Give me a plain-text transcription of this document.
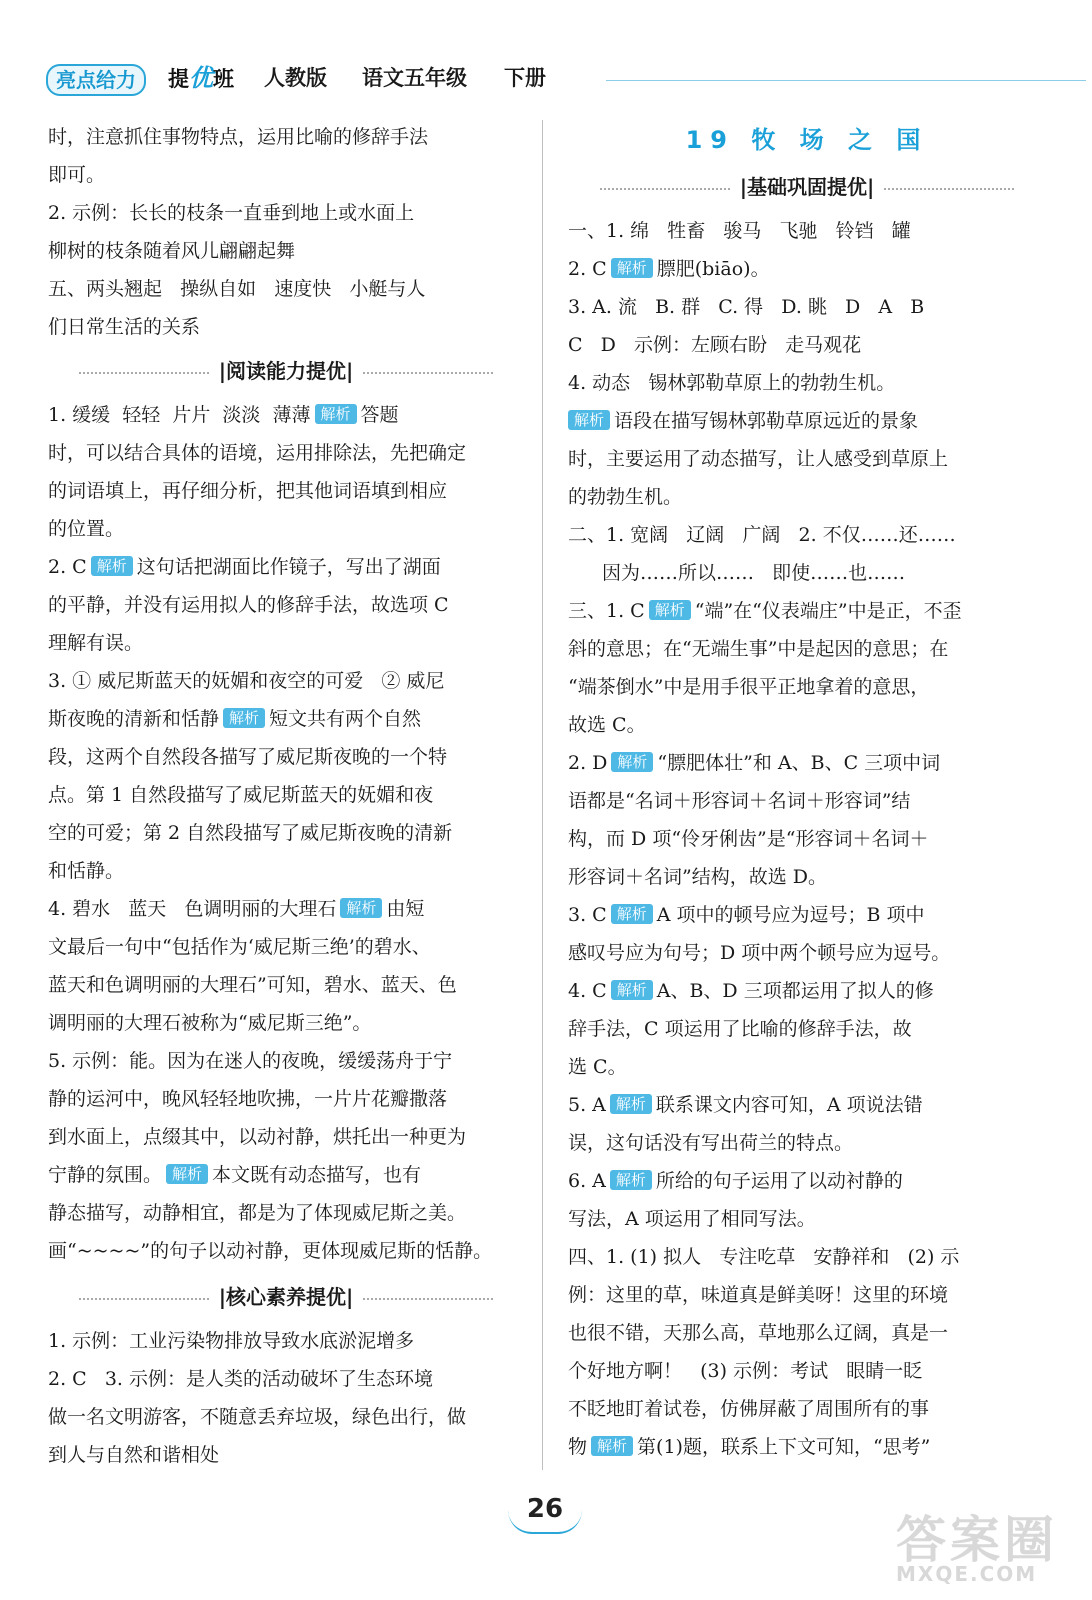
亮点给力	提优班 人教版 语文五年级 下册
时，注意抓住事物特点，运用比喻的修辞手法
即可。
2. 示例：长长的枝条一直垂到地上或水面上
柳树的枝条随着风儿翩翩起舞
五、两头翘起   操纵自如   速度快   小艇与人
们日常生活的关系
|阅读能力提优|
1. 缓缓  轻轻  片片  淡淡  薄薄 解析 答题
时，可以结合具体的语境，运用排除法，先把确定
的词语填上，再仔细分析，把其他词语填到相应
的位置。
2. C 解析 这句话把湖面比作镜子，写出了湖面
的平静，并没有运用拟人的修辞手法，故选项 C
理解有误。
3. ① 威尼斯蓝天的妩媚和夜空的可爱   ② 威尼
斯夜晚的清新和恬静 解析 短文共有两个自然
段，这两个自然段各描写了威尼斯夜晚的一个特
点。第 1 自然段描写了威尼斯蓝天的妩媚和夜
空的可爱；第 2 自然段描写了威尼斯夜晚的清新
和恬静。
4. 碧水   蓝天   色调明丽的大理石 解析 由短
文最后一句中“包括作为‘威尼斯三绝’的碧水、
蓝天和色调明丽的大理石”可知，碧水、蓝天、色
调明丽的大理石被称为“威尼斯三绝”。
5. 示例：能。因为在迷人的夜晚，缓缓荡舟于宁
静的运河中，晚风轻轻地吹拂，一片片花瓣撒落
到水面上，点缀其中，以动衬静，烘托出一种更为
宁静的氛围。 解析 本文既有动态描写，也有
静态描写，动静相宜，都是为了体现威尼斯之美。
画“~~~~”的句子以动衬静，更体现威尼斯的恬静。
|核心素养提优|
1. 示例：工业污染物排放导致水底淤泥增多
2. C   3. 示例：是人类的活动破坏了生态环境
做一名文明游客，不随意丢弃垃圾，绿色出行，做
到人与自然和谐相处
19 牧 场 之 国
|基础巩固提优|
一、1. 绵   牲畜   骏马   飞驰   铃铛   罐
2. C 解析 膘肥(biāo)。
3. A. 流   B. 群   C. 得   D. 眺   D   A   B
C   D   示例：左顾右盼   走马观花
4. 动态   锡林郭勒草原上的勃勃生机。
解析 语段在描写锡林郭勒草原远近的景象
时，主要运用了动态描写，让人感受到草原上
的勃勃生机。
二、1. 宽阔   辽阔   广阔   2. 不仅……还……
因为……所以……   即使……也……
三、1. C 解析 “端”在“仪表端庄”中是正，不歪
斜的意思；在“无端生事”中是起因的意思；在
“端茶倒水”中是用手很平正地拿着的意思，
故选 C。
2. D 解析 “膘肥体壮”和 A、B、C 三项中词
语都是“名词＋形容词＋名词＋形容词”结
构，而 D 项“伶牙俐齿”是“形容词＋名词＋
形容词＋名词”结构，故选 D。
3. C 解析 A 项中的顿号应为逗号；B 项中
感叹号应为句号；D 项中两个顿号应为逗号。
4. C 解析 A、B、D 三项都运用了拟人的修
辞手法，C 项运用了比喻的修辞手法，故
选 C。
5. A 解析 联系课文内容可知，A 项说法错
误，这句话没有写出荷兰的特点。
6. A 解析 所给的句子运用了以动衬静的
写法，A 项运用了相同写法。
四、1. (1) 拟人   专注吃草   安静祥和   (2) 示
例：这里的草，味道真是鲜美呀！这里的环境
也很不错，天那么高，草地那么辽阔，真是一
个好地方啊！   (3) 示例：考试   眼睛一眨
不眨地盯着试卷，仿佛屏蔽了周围所有的事
物 解析 第(1)题，联系上下文可知，“思考”
26
答案圈
MXQE.COM
